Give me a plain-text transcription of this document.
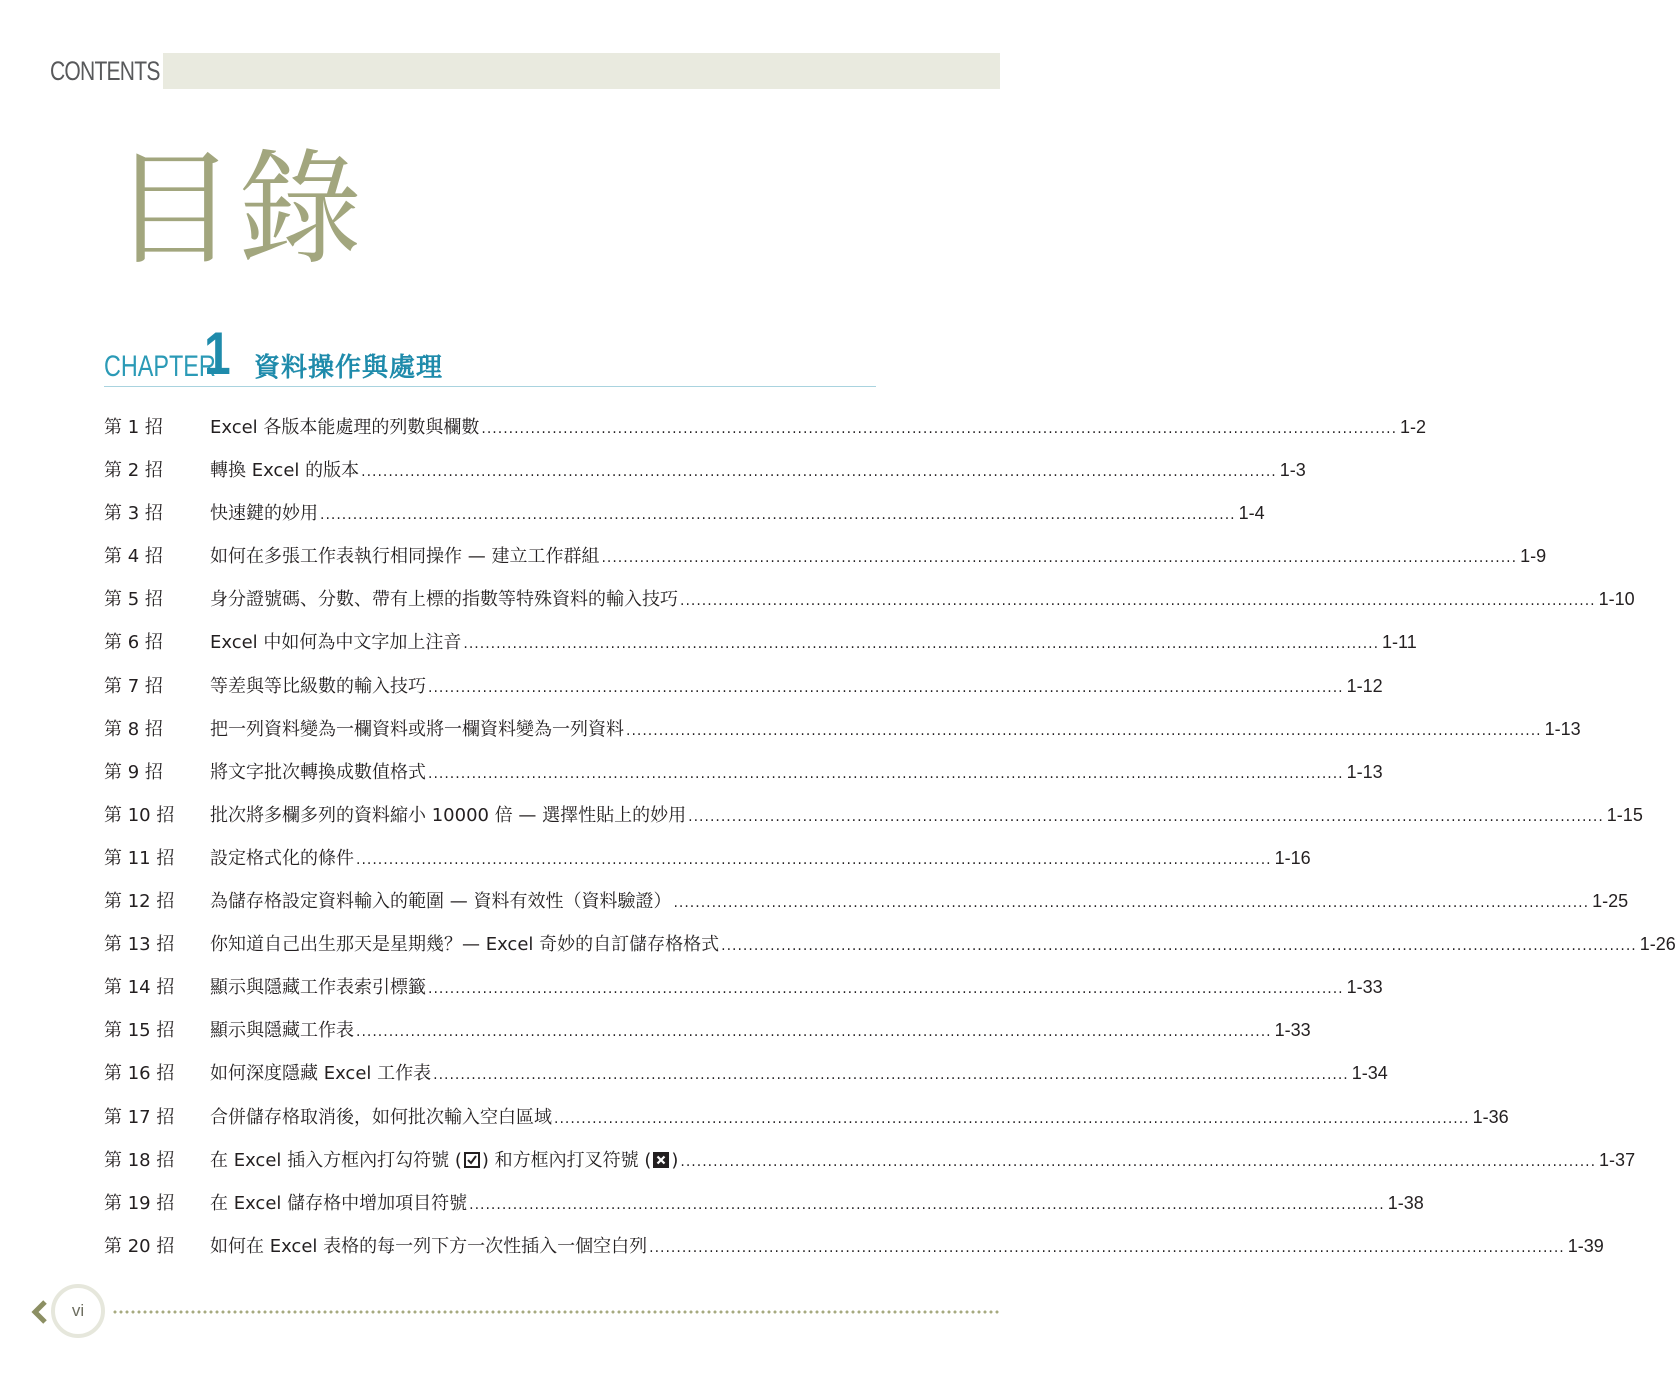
CONTENTS
目錄
CHAPTER
1 資料操作與處理
第 1 招	Excel 各版本能處理的列數與欄數 ........................................................................................................................................................................ 1-2
第 2 招	轉換 Excel 的版本 ........................................................................................................................................................................ 1-3
第 3 招	快速鍵的妙用 ........................................................................................................................................................................ 1-4
第 4 招	如何在多張工作表執行相同操作 — 建立工作群組 ........................................................................................................................................................................ 1-9
第 5 招	身分證號碼、分數、帶有上標的指數等特殊資料的輸入技巧 ........................................................................................................................................................................ 1-10
第 6 招	Excel 中如何為中文字加上注音 ........................................................................................................................................................................ 1-11
第 7 招	等差與等比級數的輸入技巧 ........................................................................................................................................................................ 1-12
第 8 招	把一列資料變為一欄資料或將一欄資料變為一列資料 ........................................................................................................................................................................ 1-13
第 9 招	將文字批次轉換成數值格式 ........................................................................................................................................................................ 1-13
第 10 招	批次將多欄多列的資料縮小 10000 倍 — 選擇性貼上的妙用 ........................................................................................................................................................................ 1-15
第 11 招	設定格式化的條件 ........................................................................................................................................................................ 1-16
第 12 招	為儲存格設定資料輸入的範圍 — 資料有效性（資料驗證） ........................................................................................................................................................................ 1-25
第 13 招	你知道自己出生那天是星期幾？— Excel 奇妙的自訂儲存格格式 ........................................................................................................................................................................ 1-26
第 14 招	顯示與隱藏工作表索引標籤 ........................................................................................................................................................................ 1-33
第 15 招	顯示與隱藏工作表 ........................................................................................................................................................................ 1-33
第 16 招	如何深度隱藏 Excel 工作表 ........................................................................................................................................................................ 1-34
第 17 招	合併儲存格取消後，如何批次輸入空白區域 ........................................................................................................................................................................ 1-36
第 18 招	在 Excel 插入方框內打勾符號 ( ) 和方框內打叉符號 ( ☒ ) ........................................................................................................................................................................ 1-37
第 19 招	在 Excel 儲存格中增加項目符號 ........................................................................................................................................................................ 1-38
第 20 招	如何在 Excel 表格的每一列下方一次性插入一個空白列 ........................................................................................................................................................................ 1-39
vi
